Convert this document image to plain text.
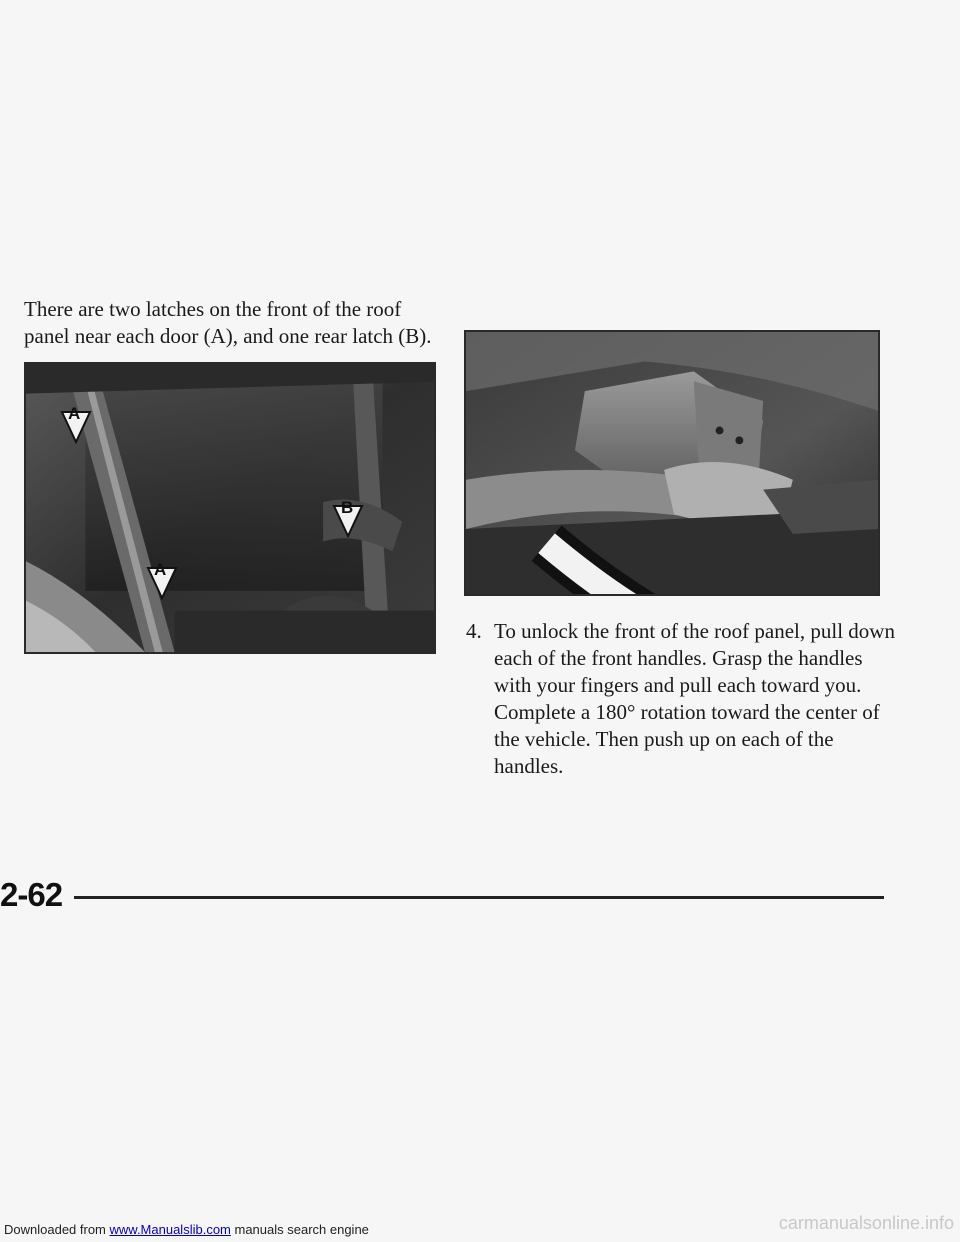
There are two latches on the front of the roof panel near each door (A), and one rear latch (B).

A
A
B
4. To unlock the front of the roof panel, pull down each of the front handles. Grasp the handles with your fingers and pull each toward you. Complete a 180° rotation toward the center of the vehicle. Then push up on each of the handles.
2-62
Downloaded from www.Manualslib.com manuals search engine	carmanualsonline.info
